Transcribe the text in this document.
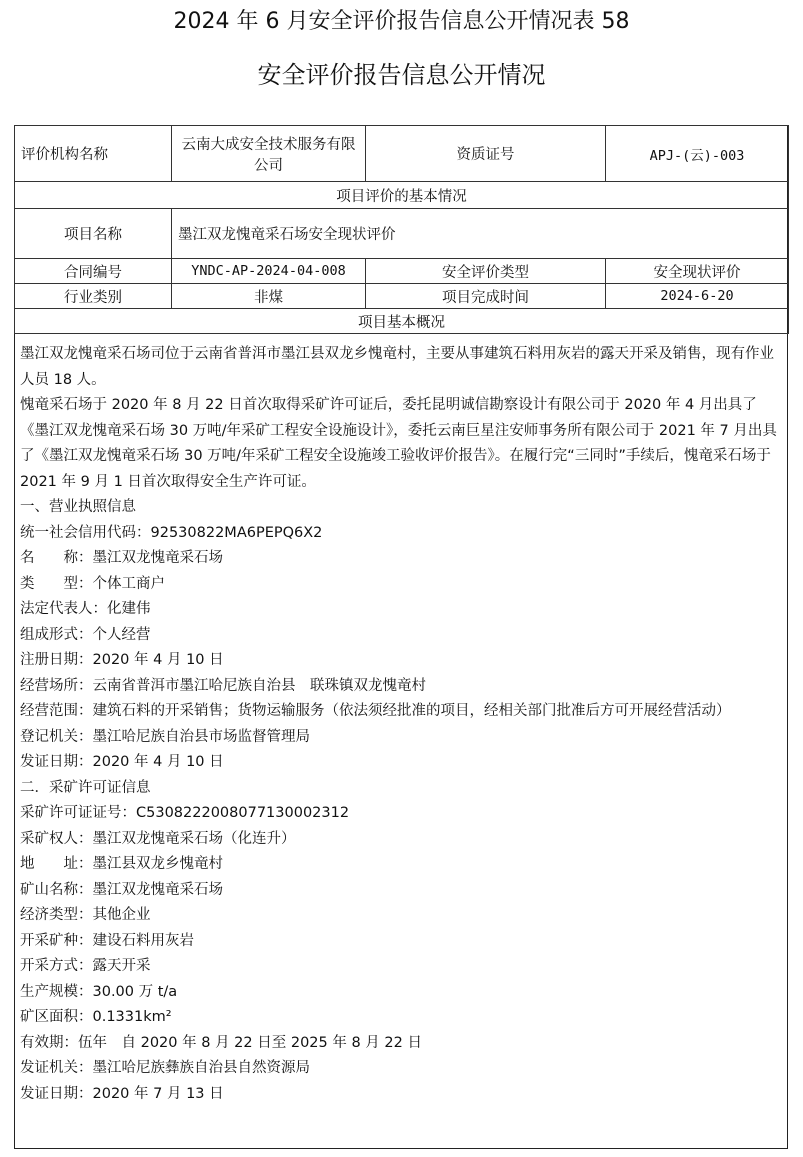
2024 年 6 月安全评价报告信息公开情况表 58
安全评价报告信息公开情况
评价机构名称	云南大成安全技术服务有限公司	资质证号	APJ-(云)-003
项目评价的基本情况			
项目名称	墨江双龙愧竜采石场安全现状评价		
合同编号	YNDC-AP-2024-04-008	安全评价类型	安全现状评价
行业类别	非煤	项目完成时间	2024-6-20
项目基本概况			

墨江双龙愧竜采石场司位于云南省普洱市墨江县双龙乡愧竜村，主要从事建筑石料用灰岩的露天开采及销售，现有作业人员 18 人。

愧竜采石场于 2020 年 8 月 22 日首次取得采矿许可证后，委托昆明诚信勘察设计有限公司于 2020 年 4 月出具了《墨江双龙愧竜采石场 30 万吨/年采矿工程安全设施设计》，委托云南巨星注安师事务所有限公司于 2021 年 7 月出具了《墨江双龙愧竜采石场 30 万吨/年采矿工程安全设施竣工验收评价报告》。在履行完“三同时”手续后，愧竜采石场于 2021 年 9 月 1 日首次取得安全生产许可证。

一、营业执照信息

统一社会信用代码：92530822MA6PEPQ6X2
名　　称：墨江双龙愧竜采石场
类　　型：个体工商户
法定代表人：化建伟
组成形式：个人经营
注册日期：2020 年 4 月 10 日
经营场所：云南省普洱市墨江哈尼族自治县　联珠镇双龙愧竜村
经营范围：建筑石料的开采销售；货物运输服务（依法须经批准的项目，经相关部门批准后方可开展经营活动）
登记机关：墨江哈尼族自治县市场监督管理局
发证日期：2020 年 4 月 10 日

二．采矿许可证信息

采矿许可证证号：C5308222008077130002312
采矿权人：墨江双龙愧竜采石场（化连升）
地　　址：墨江县双龙乡愧竜村
矿山名称：墨江双龙愧竜采石场
经济类型：其他企业
开采矿种：建设石料用灰岩
开采方式：露天开采
生产规模：30.00 万 t/a
矿区面积：0.1331km²
有效期：伍年　自 2020 年 8 月 22 日至 2025 年 8 月 22 日
发证机关：墨江哈尼族彝族自治县自然资源局
发证日期：2020 年 7 月 13 日
